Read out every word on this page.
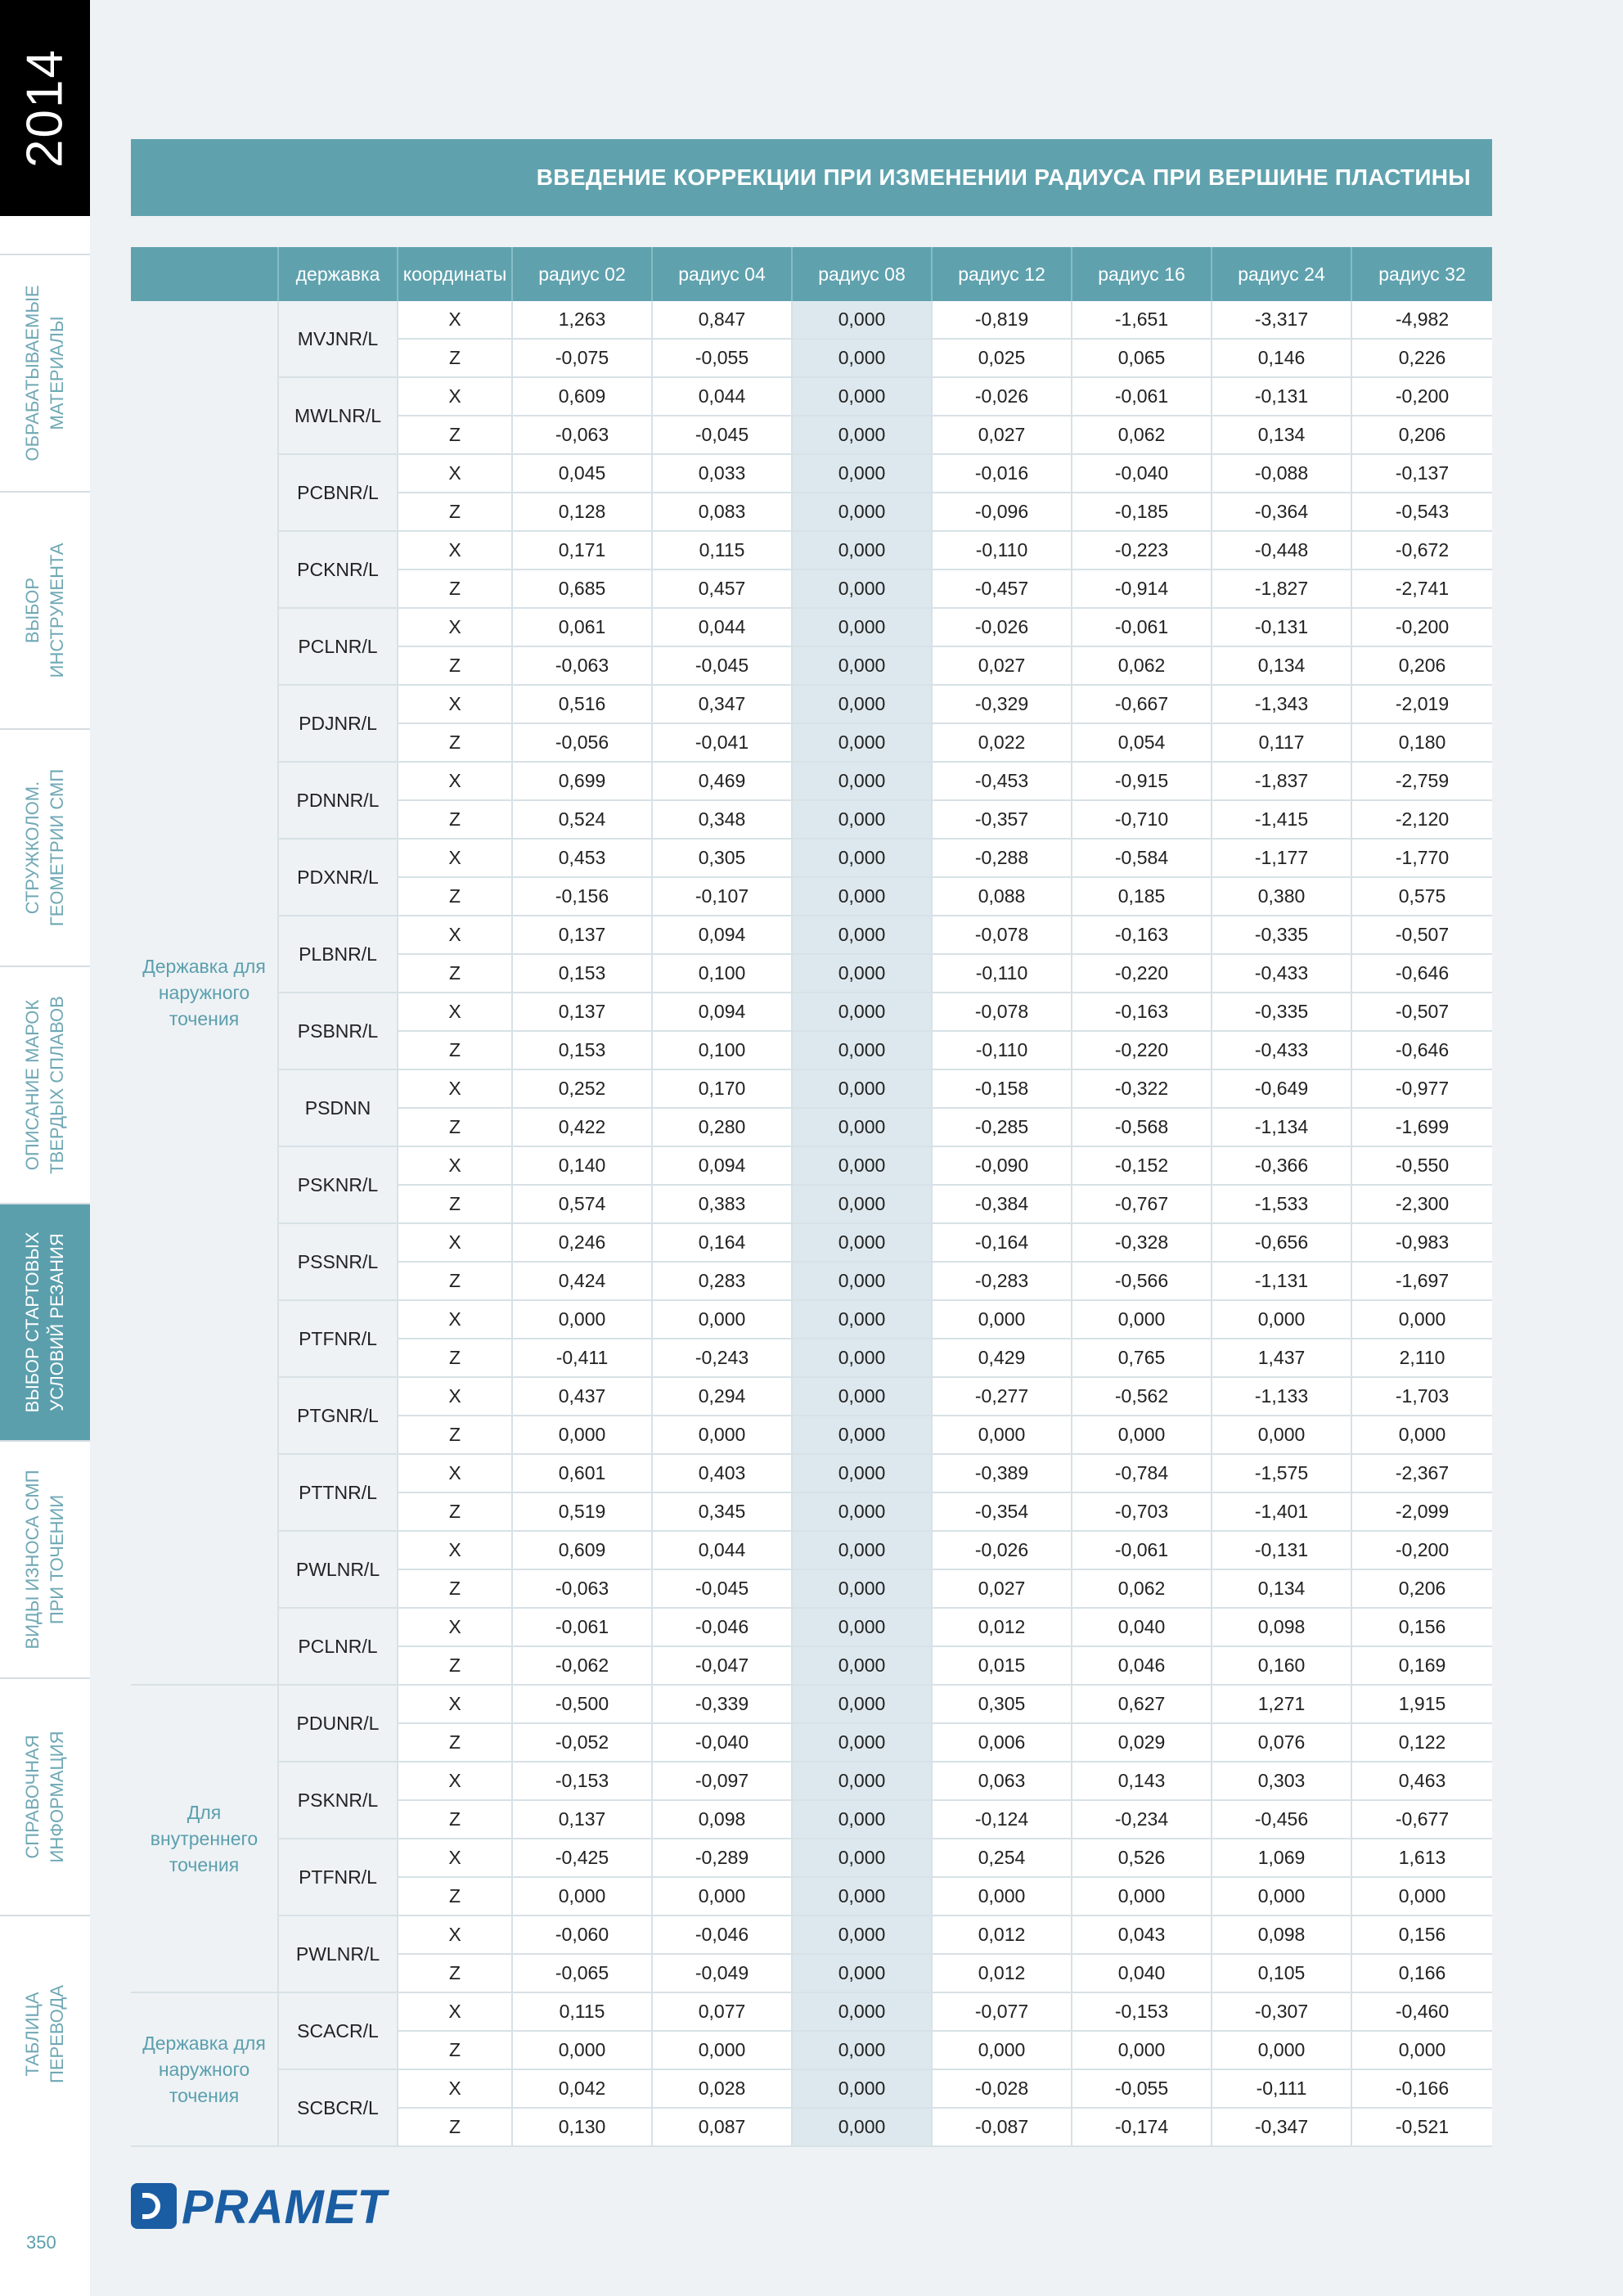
2014
ОБРАБАТЫВАЕМЫЕ
МАТЕРИАЛЫ
ВЫБОР
ИНСТРУМЕНТА
СТРУЖКОЛОМ.
ГЕОМЕТРИИ СМП
ОПИСАНИЕ МАРОК
ТВЕРДЫХ СПЛАВОВ
ВЫБОР СТАРТОВЫХ
УСЛОВИЙ РЕЗАНИЯ
ВИДЫ ИЗНОСА СМП
ПРИ ТОЧЕНИИ
СПРАВОЧНАЯ
ИНФОРМАЦИЯ
ТАБЛИЦА
ПЕРЕВОДА
350
ВВЕДЕНИЕ КОРРЕКЦИИ ПРИ ИЗМЕНЕНИИ РАДИУСА ПРИ ВЕРШИНЕ ПЛАСТИНЫ
	державка	координаты	радиус 02	радиус 04	радиус 08	радиус 12	радиус 16	радиус 24	радиус 32
Державка для
наружного
точения	MVJNR/L	X	1,263	0,847	0,000	-0,819	-1,651	-3,317	-4,982
		Z	-0,075	-0,055	0,000	0,025	0,065	0,146	0,226
	MWLNR/L	X	0,609	0,044	0,000	-0,026	-0,061	-0,131	-0,200
		Z	-0,063	-0,045	0,000	0,027	0,062	0,134	0,206
	PCBNR/L	X	0,045	0,033	0,000	-0,016	-0,040	-0,088	-0,137
		Z	0,128	0,083	0,000	-0,096	-0,185	-0,364	-0,543
	PCKNR/L	X	0,171	0,115	0,000	-0,110	-0,223	-0,448	-0,672
		Z	0,685	0,457	0,000	-0,457	-0,914	-1,827	-2,741
	PCLNR/L	X	0,061	0,044	0,000	-0,026	-0,061	-0,131	-0,200
		Z	-0,063	-0,045	0,000	0,027	0,062	0,134	0,206
	PDJNR/L	X	0,516	0,347	0,000	-0,329	-0,667	-1,343	-2,019
		Z	-0,056	-0,041	0,000	0,022	0,054	0,117	0,180
	PDNNR/L	X	0,699	0,469	0,000	-0,453	-0,915	-1,837	-2,759
		Z	0,524	0,348	0,000	-0,357	-0,710	-1,415	-2,120
	PDXNR/L	X	0,453	0,305	0,000	-0,288	-0,584	-1,177	-1,770
		Z	-0,156	-0,107	0,000	0,088	0,185	0,380	0,575
	PLBNR/L	X	0,137	0,094	0,000	-0,078	-0,163	-0,335	-0,507
		Z	0,153	0,100	0,000	-0,110	-0,220	-0,433	-0,646
	PSBNR/L	X	0,137	0,094	0,000	-0,078	-0,163	-0,335	-0,507
		Z	0,153	0,100	0,000	-0,110	-0,220	-0,433	-0,646
	PSDNN	X	0,252	0,170	0,000	-0,158	-0,322	-0,649	-0,977
		Z	0,422	0,280	0,000	-0,285	-0,568	-1,134	-1,699
	PSKNR/L	X	0,140	0,094	0,000	-0,090	-0,152	-0,366	-0,550
		Z	0,574	0,383	0,000	-0,384	-0,767	-1,533	-2,300
	PSSNR/L	X	0,246	0,164	0,000	-0,164	-0,328	-0,656	-0,983
		Z	0,424	0,283	0,000	-0,283	-0,566	-1,131	-1,697
	PTFNR/L	X	0,000	0,000	0,000	0,000	0,000	0,000	0,000
		Z	-0,411	-0,243	0,000	0,429	0,765	1,437	2,110
	PTGNR/L	X	0,437	0,294	0,000	-0,277	-0,562	-1,133	-1,703
		Z	0,000	0,000	0,000	0,000	0,000	0,000	0,000
	PTTNR/L	X	0,601	0,403	0,000	-0,389	-0,784	-1,575	-2,367
		Z	0,519	0,345	0,000	-0,354	-0,703	-1,401	-2,099
	PWLNR/L	X	0,609	0,044	0,000	-0,026	-0,061	-0,131	-0,200
		Z	-0,063	-0,045	0,000	0,027	0,062	0,134	0,206
	PCLNR/L	X	-0,061	-0,046	0,000	0,012	0,040	0,098	0,156
		Z	-0,062	-0,047	0,000	0,015	0,046	0,160	0,169
Для
внутреннего
точения	PDUNR/L	X	-0,500	-0,339	0,000	0,305	0,627	1,271	1,915
		Z	-0,052	-0,040	0,000	0,006	0,029	0,076	0,122
	PSKNR/L	X	-0,153	-0,097	0,000	0,063	0,143	0,303	0,463
		Z	0,137	0,098	0,000	-0,124	-0,234	-0,456	-0,677
	PTFNR/L	X	-0,425	-0,289	0,000	0,254	0,526	1,069	1,613
		Z	0,000	0,000	0,000	0,000	0,000	0,000	0,000
	PWLNR/L	X	-0,060	-0,046	0,000	0,012	0,043	0,098	0,156
		Z	-0,065	-0,049	0,000	0,012	0,040	0,105	0,166
Державка для
наружного
точения	SCACR/L	X	0,115	0,077	0,000	-0,077	-0,153	-0,307	-0,460
		Z	0,000	0,000	0,000	0,000	0,000	0,000	0,000
	SCBCR/L	X	0,042	0,028	0,000	-0,028	-0,055	-0,111	-0,166
		Z	0,130	0,087	0,000	-0,087	-0,174	-0,347	-0,521
PRAMET
